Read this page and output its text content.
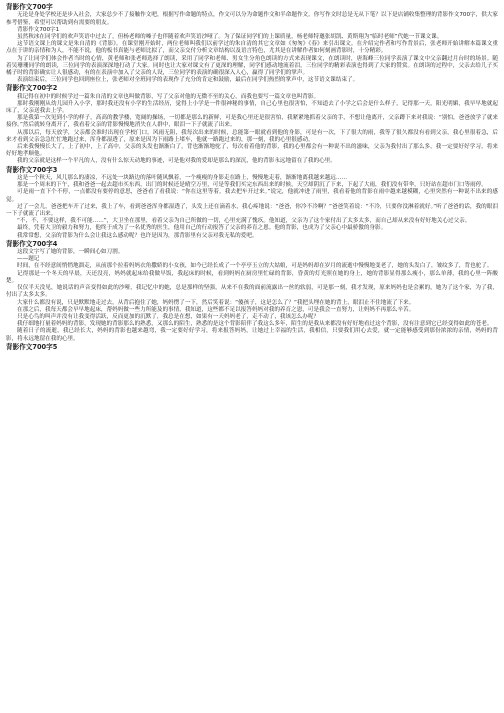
背影作文700字

无论是身处学校还是步入社会，大家总少不了接触作文吧，根据写作命题的特点，作文可以分为命题作文和半命题作文。你写作文时总是无从下笔？以下是店铺收集整理的背影作文700字，供大家参考借鉴，希望可以帮助到有需要的朋友。

背影作文700字1

虽然秋冰在同学们的欢声笑语中过去了，但杨老师的嗓子也伴随着欢声笑语沙哑了。为了保证同学们的上课质量，杨老师特邀张胡凯、黄斯翔为“临时老师”代她一节课文课。

这节语文课上的课文是朱自清的《背影》。在课堂刚开始时，两位老师叫我们以前学过的朱自清的其它文章如《匆匆》《春》来引出课文。在介绍完作者和写作背景后，张老师开始讲解本篇课文重点在于讲的亲情和为人，不能不说，他的板书真能与老师比拟了，而父亲交付分析文章结构以及语言特色，尤其是在讲解作者如何刻画背影时，十分精彩。

为了让同学们体会作者当时的心情，黄老师和张老师选择了朗读，采用了同学和老师、男女生分角色朗读的方式来表现课文，在朗读时，唐海峰三位同学表演了课文中父亲翻过月台时的场景。随着吴珊珊同学的朗读，三位同学的表演深深地打动了大家。同时也让大家对课文有了更深的理解，同学们感动地流着泪，三位同学的精彩表演也得到了大家的赞赏。在朗读的过程中，父亲去给儿子买橘子时的背影确实让人很感动，有的在表演中加入了父亲的人设，三位同学的表演的确很深入人心，赢得了同学们的掌声。

表演结束后，三位同学也回到座位上，张老师对全班同学的表现作了充分的肯定和鼓励，最后在同学们热烈的掌声中，这节语文课结束了。

背影作文700字2

我记得在初中的时候学过一篇朱自清的文章也叫做背影，写了父亲对他的无微不至的关心，而我也要写一篇文章也叫背影。

那时我刚刚从幼儿园升入小学，那时我还没有小学的生活经历，觉得上小学是一件很神秘的事情，自己心里也很害怕，不知道去了小学之后会是什么样子，记得那一天，阳光明媚，我早早地就起床了，父亲送我去上学。

那是我第一次见到小学的样子，高高的教学楼，宽阔的操场，一切都是那么的新鲜，可是我心里还是很害怕，我紧紧地抓着父亲的手，不想让他离开，父亲蹲下来对我说：“别怕，爸爸放学了就来接你。”然后就转身离开了，我看着父亲的背影慢慢地消失在人群中，眼泪一下子就流了出来。

从那以后，每天放学，父亲都会准时出现在学校门口，风雨无阻，我每次出来的时候，总能第一眼就看到他的身影，可是有一次，下了很大的雨，我等了很久都没有看到父亲，我心里很着急，后来才看到父亲急急忙忙地跑过来，浑身都湿透了，原来是因为下雨路上堵车，他就一路跑过来的，那一刻，我的心里很感动。

后来我慢慢长大了，上了初中，上了高中，父亲的头发也渐渐白了，背也渐渐地驼了，每次看着他的背影，我的心里都会有一种说不出的滋味，父亲为我付出了那么多，我一定要好好学习，将来好好地孝顺他。

我的父亲就是这样一个平凡的人，没有什么惊天动地的事迹，可是他对我的爱却是那么的深沉，他的背影永远地留在了我的心里。

背影作文700字3

这是一个秋天，风儿那么的凄凉，不远处一块路边的落叶随风飘着，一个瘦瘦的身影走在路上，慢慢地走着，渐渐地离我越来越远……

那是一个周末的下午，我和爸爸一起去超市买东西，出门的时候还是晴空万里，可是等我们买完东西出来的时候，天空却阴沉了下来，下起了大雨，我们没有带伞，只好站在超市门口等雨停。

可是雨一直下个不停，一点都没有要停的意思，爸爸看了看我说：“你在这里等着，我去把车开过来。”说完，他就冲进了雨里，我看着他的背影在雨中越来越模糊，心里突然有一种说不出来的感觉。

过了一会儿，爸爸把车开了过来，我上了车，看到爸爸浑身都湿透了，头发上还在滴着水，我心疼地说：“爸爸，你冷不冷啊？”爸爸笑着说：“不冷，只要你没淋着就好。”听了爸爸的话，我的眼泪一下子就流了出来。

“不，不，不要这样，我不可能……”，大卫坐在那里，看着父亲为自己所做的一切，心里充满了愧疚。他知道，父亲为了这个家付出了太多太多，而自己却从来没有好好地关心过父亲。

最终，凭着大卫的毅力和努力，他终于成为了一名优秀的医生，他用自己的行动报答了父亲的养育之恩。他的背影，也成为了父亲心中最骄傲的身影。

我常常想，父亲的背影为什么会让我这么感动呢？也许是因为，那背影里有父亲对我无私的爱吧。

背影作文700字4

这段文字写了她的背影，一瞬间心如刀割。

——题记

时间，在不经意间悄悄地溜走，从前那个拉着妈妈衣角撒娇的小女孩，如今已经长成了一个亭亭玉立的大姑娘，可是妈妈却在岁月的流逝中慢慢地变老了，她的头发白了，皱纹多了，背也驼了。

记得那是一个冬天的早晨，天还没亮，妈妈就起床给我做早饭，我起床的时候，看到妈妈在厨房里忙碌的背影，昏黄的灯光照在她的身上，她的背影显得那么瘦小，那么单薄，我的心里一阵酸楚。

仅仅半天没见，她说话的声音变得如此的沙哑，我记忆中的她，总是那样的坚强，从来不在我的面前流露出一丝的软弱，可是那一刻，我才发现，原来妈妈也是会累的，她为了这个家，为了我，付出了太多太多。

大家什么都没有说，只是默默地走过去，从背后抱住了她，妈妈愣了一下，然后笑着说：“傻孩子，这是怎么了？”我把头埋在她的背上，眼泪止不住地流了下来。

在那之后，我每天都会早早地起床，帮妈妈做一些力所能及的事情，我知道，这些都不足以报答妈妈对我的养育之恩，可是我会一直努力，让妈妈不再那么辛苦。

只是心鸟的叫声并没有让我变得活跃，反而更加的沉默了，我总是在想，如果有一天妈妈老了，走不动了，我该怎么办呢？

我仔细地打量着妈妈的背影，发现她的背影那么的熟悉，又那么的陌生，熟悉的是这个背影陪伴了我这么多年，陌生的是我从来都没有好好地看过这个背影，没有注意到它已经变得如此的苍老。

随着日子的流逝，我已经长大，妈妈的背影也越来越弯，我一定要好好学习，将来报答妈妈，让她过上幸福的生活，我相信，只要我们用心去爱，就一定能够感受到那份浓浓的亲情，妈妈的背影，将永远地留在我的心里。

背影作文700字5
